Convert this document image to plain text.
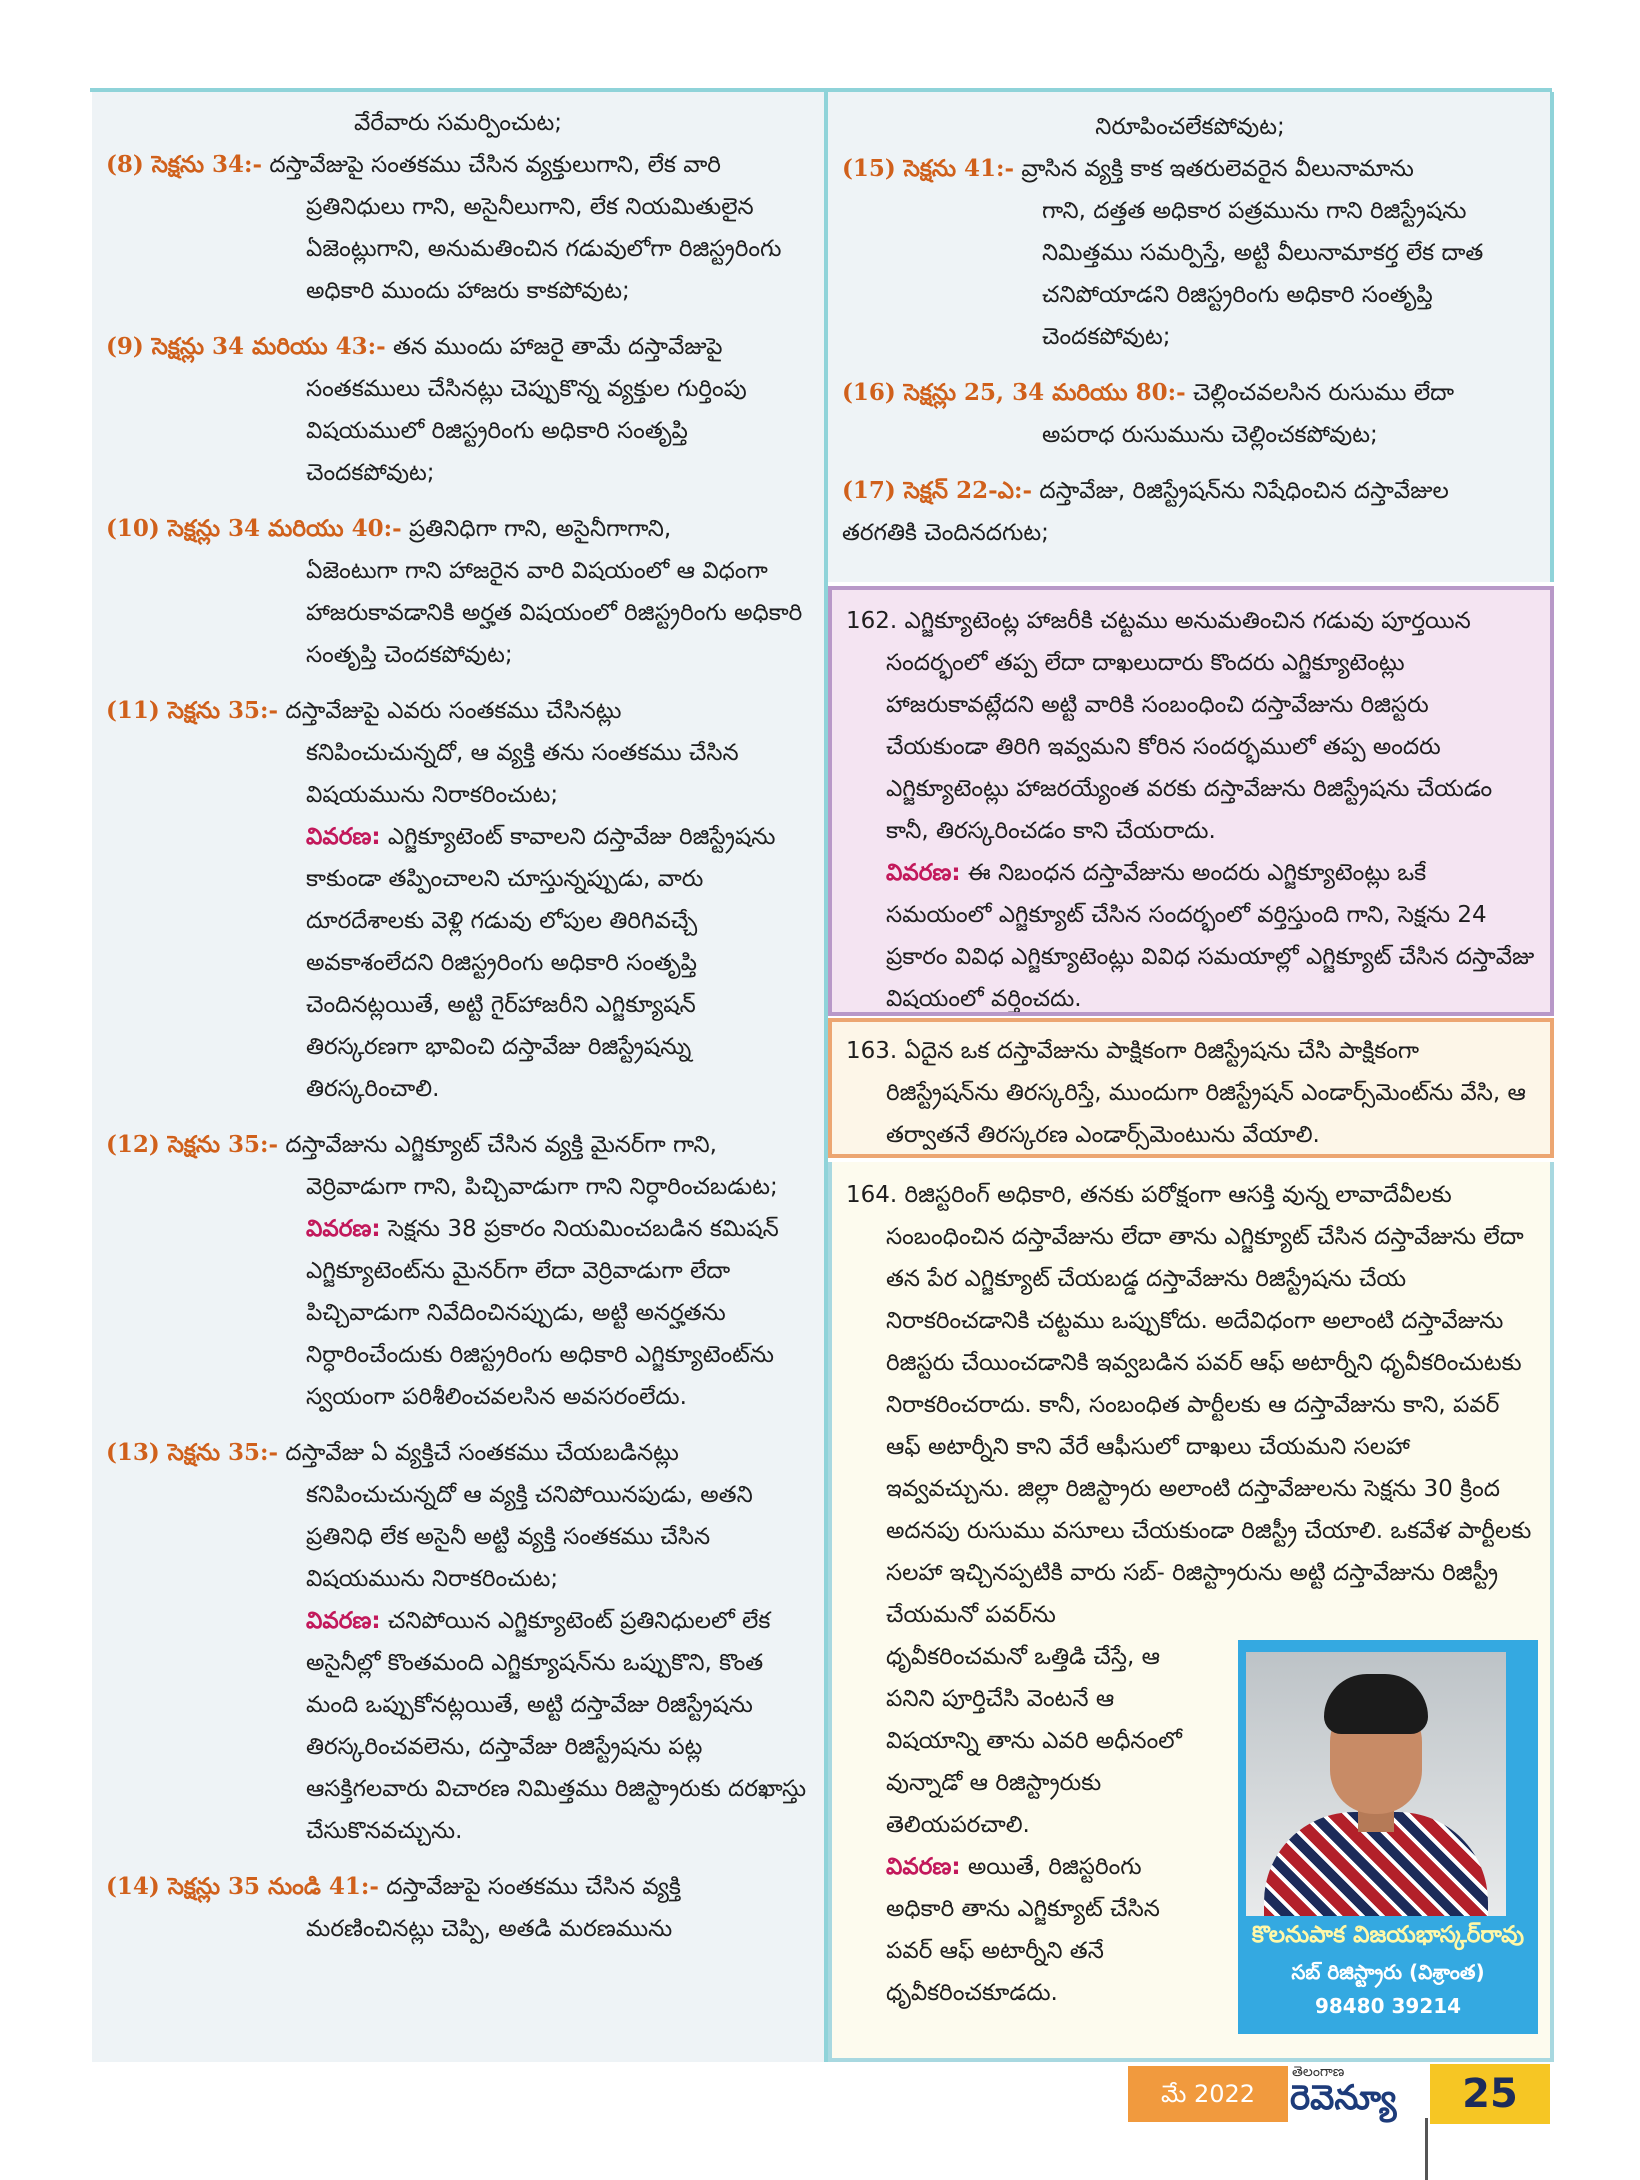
వేరేవారు సమర్పించుట;
(8) సెక్షను 34:- దస్తావేజుపై సంతకము చేసిన వ్యక్తులుగాని, లేక వారి
ప్రతినిధులు గాని, అసైనీలుగాని, లేక నియమితులైన ఏజెంట్లుగాని, అనుమతించిన గడువులోగా రిజిస్ట్రరింగు అధికారి ముందు హాజరు కాకపోవుట;
(9) సెక్షన్లు 34 మరియు 43:- తన ముందు హాజరై తామే దస్తావేజుపై
సంతకములు చేసినట్లు చెప్పుకొన్న వ్యక్తుల గుర్తింపు విషయములో రిజిస్ట్రరింగు అధికారి సంతృప్తి చెందకపోవుట;
(10) సెక్షన్లు 34 మరియు 40:- ప్రతినిధిగా గాని, అసైనీగాగాని,
ఏజెంటుగా గాని హాజరైన వారి విషయంలో ఆ విధంగా హాజరుకావడానికి అర్హత విషయంలో రిజిస్ట్రరింగు అధికారి సంతృప్తి చెందకపోవుట;
(11) సెక్షను 35:- దస్తావేజుపై ఎవరు సంతకము చేసినట్లు
కనిపించుచున్నదో, ఆ వ్యక్తి తను సంతకము చేసిన విషయమును నిరాకరించుట;
వివరణ: ఎగ్జిక్యూటెంట్ కావాలని దస్తావేజు రిజిస్ట్రేషను కాకుండా తప్పించాలని చూస్తున్నప్పుడు, వారు దూరదేశాలకు వెళ్లి గడువు లోపుల తిరిగివచ్చే అవకాశంలేదని రిజిస్ట్రరింగు అధికారి సంతృప్తి చెందినట్లయితే, అట్టి గైర్‌హాజరీని ఎగ్జిక్యూషన్ తిరస్కరణగా భావించి దస్తావేజు రిజిస్ట్రేషన్ను తిరస్కరించాలి.
(12) సెక్షను 35:- దస్తావేజును ఎగ్జిక్యూట్ చేసిన వ్యక్తి మైనర్‌గా గాని,
వెర్రివాడుగా గాని, పిచ్చివాడుగా గాని నిర్ధారించబడుట;
వివరణ: సెక్షను 38 ప్రకారం నియమించబడిన కమిషన్ ఎగ్జిక్యూటెంట్‌ను మైనర్‌గా లేదా వెర్రివాడుగా లేదా పిచ్చివాడుగా నివేదించినప్పుడు, అట్టి అనర్హతను నిర్ధారించేందుకు రిజిస్ట్రరింగు అధికారి ఎగ్జిక్యూటెంట్‌ను స్వయంగా పరిశీలించవలసిన అవసరంలేదు.
(13) సెక్షను 35:- దస్తావేజు ఏ వ్యక్తిచే సంతకము చేయబడినట్లు
కనిపించుచున్నదో ఆ వ్యక్తి చనిపోయినపుడు, అతని ప్రతినిధి లేక అసైనీ అట్టి వ్యక్తి సంతకము చేసిన విషయమును నిరాకరించుట;
వివరణ: చనిపోయిన ఎగ్జిక్యూటెంట్ ప్రతినిధులలో లేక అసైనీల్లో కొంతమంది ఎగ్జిక్యూషన్‌ను ఒప్పుకొని, కొంత మంది ఒప్పుకోనట్లయితే, అట్టి దస్తావేజు రిజిస్ట్రేషను తిరస్కరించవలెను, దస్తావేజు రిజిస్ట్రేషను పట్ల ఆసక్తిగలవారు విచారణ నిమిత్తము రిజిస్ట్రారుకు దరఖాస్తు చేసుకొనవచ్చును.
(14) సెక్షన్లు 35 నుండి 41:- దస్తావేజుపై సంతకము చేసిన వ్యక్తి
మరణించినట్లు చెప్పి, అతడి మరణమును
నిరూపించలేకపోవుట;
(15) సెక్షను 41:- వ్రాసిన వ్యక్తి కాక ఇతరులెవరైన వీలునామాను
గాని, దత్తత అధికార పత్రమును గాని రిజిస్ట్రేషను నిమిత్తము సమర్పిస్తే, అట్టి వీలునామాకర్త లేక దాత చనిపోయాడని రిజిస్ట్రరింగు అధికారి సంతృప్తి చెందకపోవుట;
(16) సెక్షన్లు 25, 34 మరియు 80:- చెల్లించవలసిన రుసుము లేదా
అపరాధ రుసుమును చెల్లించకపోవుట;
(17) సెక్షన్ 22-ఎ:- దస్తావేజు, రిజిస్ట్రేషన్‌ను నిషేధించిన దస్తావేజుల
తరగతికి చెందినదగుట;
162. ఎగ్జిక్యూటెంట్ల హాజరీకి చట్టము అనుమతించిన గడువు పూర్తయిన సందర్భంలో తప్ప లేదా దాఖలుదారు కొందరు ఎగ్జిక్యూటెంట్లు హాజరుకావట్లేదని అట్టి వారికి సంబంధించి దస్తావేజును రిజిస్టరు చేయకుండా తిరిగి ఇవ్వమని కోరిన సందర్భములో తప్ప అందరు ఎగ్జిక్యూటెంట్లు హాజరయ్యేంత వరకు దస్తావేజును రిజిస్ట్రేషను చేయడం కానీ, తిరస్కరించడం కాని చేయరాదు.
వివరణ: ఈ నిబంధన దస్తావేజును అందరు ఎగ్జిక్యూటెంట్లు ఒకే సమయంలో ఎగ్జిక్యూట్ చేసిన సందర్భంలో వర్తిస్తుంది గాని, సెక్షను 24 ప్రకారం వివిధ ఎగ్జిక్యూటెంట్లు వివిధ సమయాల్లో ఎగ్జిక్యూట్ చేసిన దస్తావేజు విషయంలో వర్తించదు.
163. ఏదైన ఒక దస్తావేజును పాక్షికంగా రిజిస్ట్రేషను చేసి పాక్షికంగా రిజిస్ట్రేషన్‌ను తిరస్కరిస్తే, ముందుగా రిజిస్ట్రేషన్ ఎండార్స్‌మెంట్‌ను వేసి, ఆ తర్వాతనే తిరస్కరణ ఎండార్స్‌మెంటును వేయాలి.
164. రిజిస్టరింగ్ అధికారి, తనకు పరోక్షంగా ఆసక్తి వున్న లావాదేవీలకు సంబంధించిన దస్తావేజును లేదా తాను ఎగ్జిక్యూట్ చేసిన దస్తావేజును లేదా తన పేర ఎగ్జిక్యూట్ చేయబడ్డ దస్తావేజును రిజిస్ట్రేషను చేయ నిరాకరించడానికి చట్టము ఒప్పుకోదు. అదేవిధంగా అలాంటి దస్తావేజును రిజిస్టరు చేయించడానికి ఇవ్వబడిన పవర్ ఆఫ్ అటార్నీని ధృవీకరించుటకు నిరాకరించరాదు. కానీ, సంబంధిత పార్టీలకు ఆ దస్తావేజును కాని, పవర్ ఆఫ్ అటార్నీని కాని వేరే ఆఫీసులో దాఖలు చేయమని సలహా ఇవ్వవచ్చును. జిల్లా రిజిస్ట్రారు అలాంటి దస్తావేజులను సెక్షను 30 క్రింద అదనపు రుసుము వసూలు చేయకుండా రిజిస్ట్రీ చేయాలి. ఒకవేళ పార్టీలకు సలహా ఇచ్చినప్పటికి వారు సబ్- రిజిస్ట్రారును అట్టి దస్తావేజును రిజిస్ట్రీ
చేయమనో పవర్‌ను
ధృవీకరించమనో ఒత్తిడి చేస్తే, ఆ
పనిని పూర్తిచేసి వెంటనే ఆ
విషయాన్ని తాను ఎవరి అధీనంలో
వున్నాడో ఆ రిజిస్ట్రారుకు
తెలియపరచాలి.
వివరణ: అయితే, రిజిస్టరింగు
అధికారి తాను ఎగ్జిక్యూట్ చేసిన
పవర్ ఆఫ్ అటార్నీని తనే
ధృవీకరించకూడదు.
కొలనుపాక విజయభాస్కర్‌రావు
సబ్ రిజిస్ట్రారు (విశ్రాంత)
98480 39214
మే 2022
తెలంగాణ
రెవెన్యూ	25
